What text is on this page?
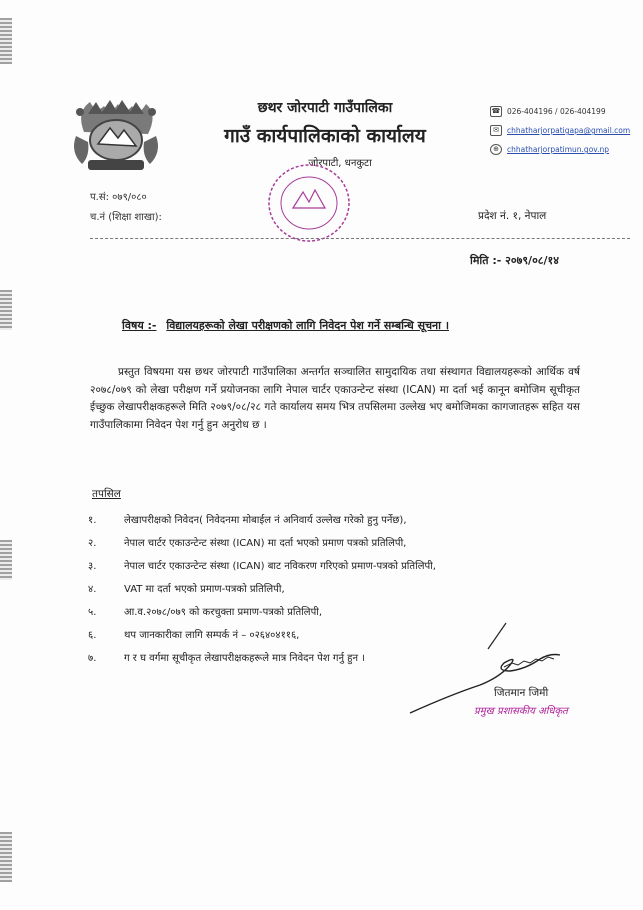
छथर जोरपाटी गाउँपालिका
गाउँ कार्यपालिकाको कार्यालय
जोरपाटी, धनकुटा
☎ 026-404196 / 026-404199
✉	chhatharjorpatigapa@gmail.com
⊕	chhatharjorpatimun.gov.np
प.सं: ०७९/०८०
च.नं (शिक्षा शाखा):	प्रदेश नं. १, नेपाल
मिति :- २०७९/०८/१४
विषय :- विद्यालयहरूको लेखा परीक्षणको लागि निवेदन पेश गर्ने सम्बन्धि सूचना ।
प्रस्तुत विषयमा यस छथर जोरपाटी गाउँपालिका अन्तर्गत सञ्चालित सामुदायिक तथा संस्थागत विद्यालयहरूको आर्थिक वर्ष २०७८/०७९ को लेखा परीक्षण गर्ने प्रयोजनका लागि नेपाल चार्टर एकाउन्टेन्ट संस्था (ICAN) मा दर्ता भई कानून बमोजिम सूचीकृत ईच्छुक लेखापरीक्षकहरूले मिति २०७९/०८/२८ गते कार्यालय समय भित्र तपसिलमा उल्लेख भए बमोजिमका कागजातहरू सहित यस गाउँपालिकामा निवेदन पेश गर्नु हुन अनुरोध छ ।
तपसिल
१.	लेखापरीक्षको निवेदन( निवेदनमा मोबाईल नं अनिवार्य उल्लेख गरेको हुनु पर्नेछ),
२.	नेपाल चार्टर एकाउन्टेन्ट संस्था (ICAN) मा दर्ता भएको प्रमाण पत्रको प्रतिलिपी,
३.	नेपाल चार्टर एकाउन्टेन्ट संस्था (ICAN) बाट नविकरण गरिएको प्रमाण-पत्रको प्रतिलिपी,
४.	VAT मा दर्ता भएको प्रमाण-पत्रको प्रतिलिपी,
५.	आ.व.२०७८/०७९ को करचुक्ता प्रमाण-पत्रको प्रतिलिपी,
६.	थप जानकारीका लागि सम्पर्क नं – ०२६४०४११६,
७.	ग र घ वर्गमा सूचीकृत लेखापरीक्षकहरूले मात्र निवेदन पेश गर्नु हुन ।
जितमान जिमी
प्रमुख प्रशासकीय अधिकृत
